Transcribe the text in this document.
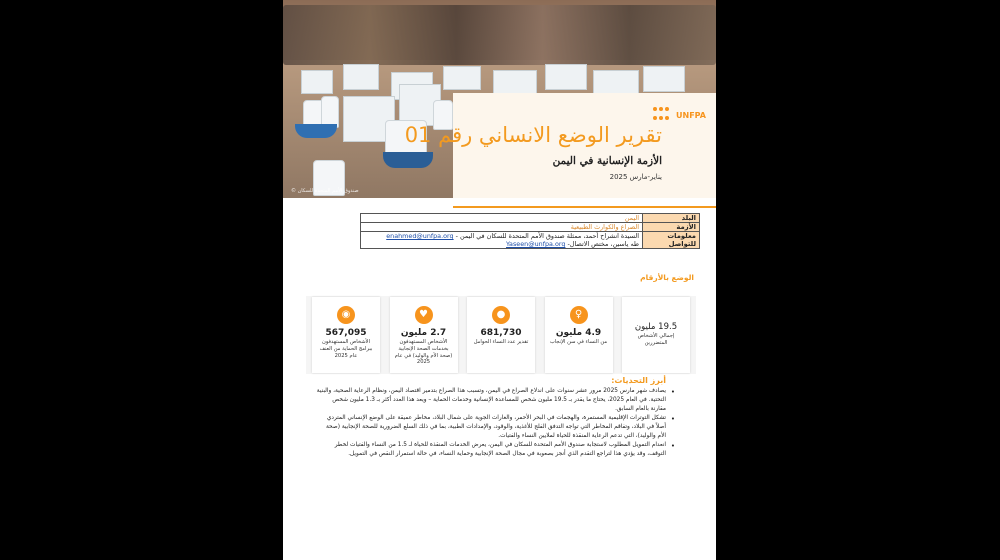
© صندوق الأمم المتحدة للسكان
UNFPA
تقرير الوضع الانساني رقم 01
الأزمة الإنسانية في اليمن
يناير-مارس 2025
البلد	اليمن
الأزمة	الصراع والكوارث الطبيعية
معلومات للتواصل	السيدة انشراح أحمد، ممثلة صندوق الأمم المتحدة للسكان في اليمن - enahmed@unfpa.org
طه ياسين، مختص الاتصال- Yaseen@unfpa.org
الوضع بالأرقام
19.5 مليون
إجمالي الأشخاص المتضررين
♀
4.9 مليون
من النساء في سن الإنجاب
●
681,730
تقدير عدد النساء الحوامل
♥
2.7 مليون
الأشخاص المستهدفون بخدمات الصحة الإنجابية (صحة الأم والوليد) في عام 2025
◉
567,095
الأشخاص المستهدفون ببرامج الحماية من العنف عام 2025
أبرز التحديات:
• يصادف شهر مارس 2025 مرور عشر سنوات على اندلاع الصراع في اليمن، وتسبب هذا الصراع بتدمير اقتصاد اليمن، ونظام الرعاية الصحية، والبنية التحتية. في العام 2025، يحتاج ما يقدر بـ 19.5 مليون شخص للمساعدة الإنسانية وخدمات الحماية – ويعد هذا العدد أكثر بـ 1.3 مليون شخص مقارنة بالعام السابق.
• تشكل التوترات الإقليمية المستمرة، والهجمات في البحر الأحمر، والغارات الجوية على شمال البلاد، مخاطر عميقة على الوضع الإنساني المتردي أصلاً في البلاد، وتفاقم المخاطر التي تواجه التدفق الفلج للأغذية، والوقود، والإمدادات الطبية، بما في ذلك السلع الضرورية للصحة الإنجابية (صحة الأم والوليد)، التي تدعم الرعاية المنقذة للحياة لملايين النساء والفتيات.
• انعدام التمويل المطلوب لاستجابة صندوق الأمم المتحدة للسكان في اليمن، يعرض الخدمات المنقذة للحياة لـ 1.5 من النساء والفتيات لخطر التوقف، وقد يؤدي هذا لتراجع التقدم الذي أنجز بصعوبة في مجال الصحة الإنجابية وحماية النساء، في حالة استمرار النقص في التمويل.
